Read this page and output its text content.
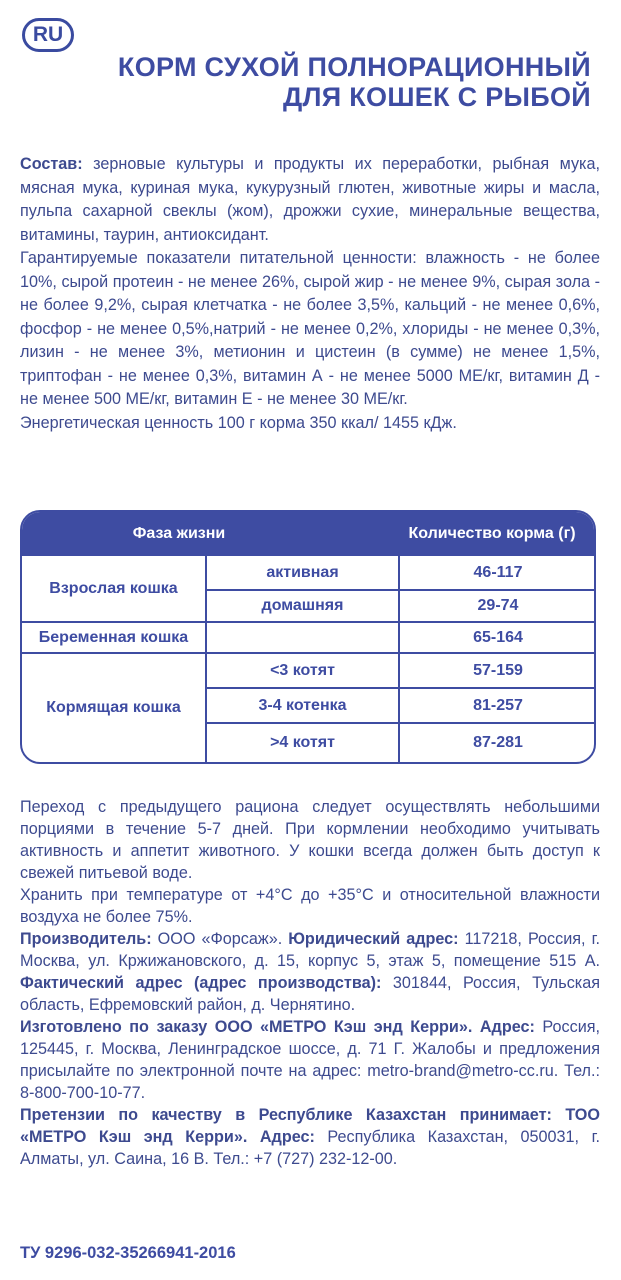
RU
КОРМ СУХОЙ ПОЛНОРАЦИОННЫЙ
ДЛЯ КОШЕК С РЫБОЙ

Состав: зерновые культуры и продукты их переработки, рыбная мука, мясная мука, куриная мука, кукурузный глютен, животные жиры и масла, пульпа сахарной свеклы (жом), дрожжи сухие, минеральные вещества, витамины, таурин, антиоксидант.

Гарантируемые показатели питательной ценности: влажность - не более 10%, сырой протеин - не менее 26%, сырой жир - не менее 9%, сырая зола - не более 9,2%, сырая клетчатка - не более 3,5%, кальций - не менее 0,6%, фосфор - не менее 0,5%,натрий - не менее 0,2%, хлориды - не менее 0,3%, лизин - не менее 3%, метионин и цистеин (в сумме) не менее 1,5%, триптофан - не менее 0,3%, витамин А - не менее 5000 МЕ/кг, витамин Д - не менее 500 МЕ/кг, витамин Е - не менее 30 МЕ/кг.

Энергетическая ценность 100 г корма 350 ккал/ 1455 кДж.

Фаза жизни	Количество корма (г)
Взрослая кошка
активная	46-117
домашняя	29-74
Беременная кошка	65-164
Кормящая кошка
<3 котят	57-159
3-4 котенка	81-257
>4 котят	87-281

Переход с предыдущего рациона следует осуществлять небольшими порциями в течение 5-7 дней. При кормлении необходимо учитывать активность и аппетит животного. У кошки всегда должен быть доступ к свежей питьевой воде.

Хранить при температуре от +4°С до +35°С и относительной влажности воздуха не более 75%.

Производитель: ООО «Форсаж». Юридический адрес: 117218, Россия, г. Москва, ул. Кржижановского, д. 15, корпус 5, этаж 5, помещение 515 А. Фактический адрес (адрес производства): 301844, Россия, Тульская область, Ефремовский район, д. Чернятино.

Изготовлено по заказу ООО «МЕТРО Кэш энд Керри». Адрес: Россия, 125445, г. Москва, Ленинградское шоссе, д. 71 Г. Жалобы и предложения присылайте по электронной почте на адрес: metro-brand@metro-cc.ru. Тел.: 8-800-700-10-77.

Претензии по качеству в Республике Казахстан принимает: ТОО «МЕТРО Кэш энд Керри». Адрес: Республика Казахстан, 050031, г. Алматы, ул. Саина, 16 В. Тел.: +7 (727) 232-12-00.

ТУ 9296-032-35266941-2016
